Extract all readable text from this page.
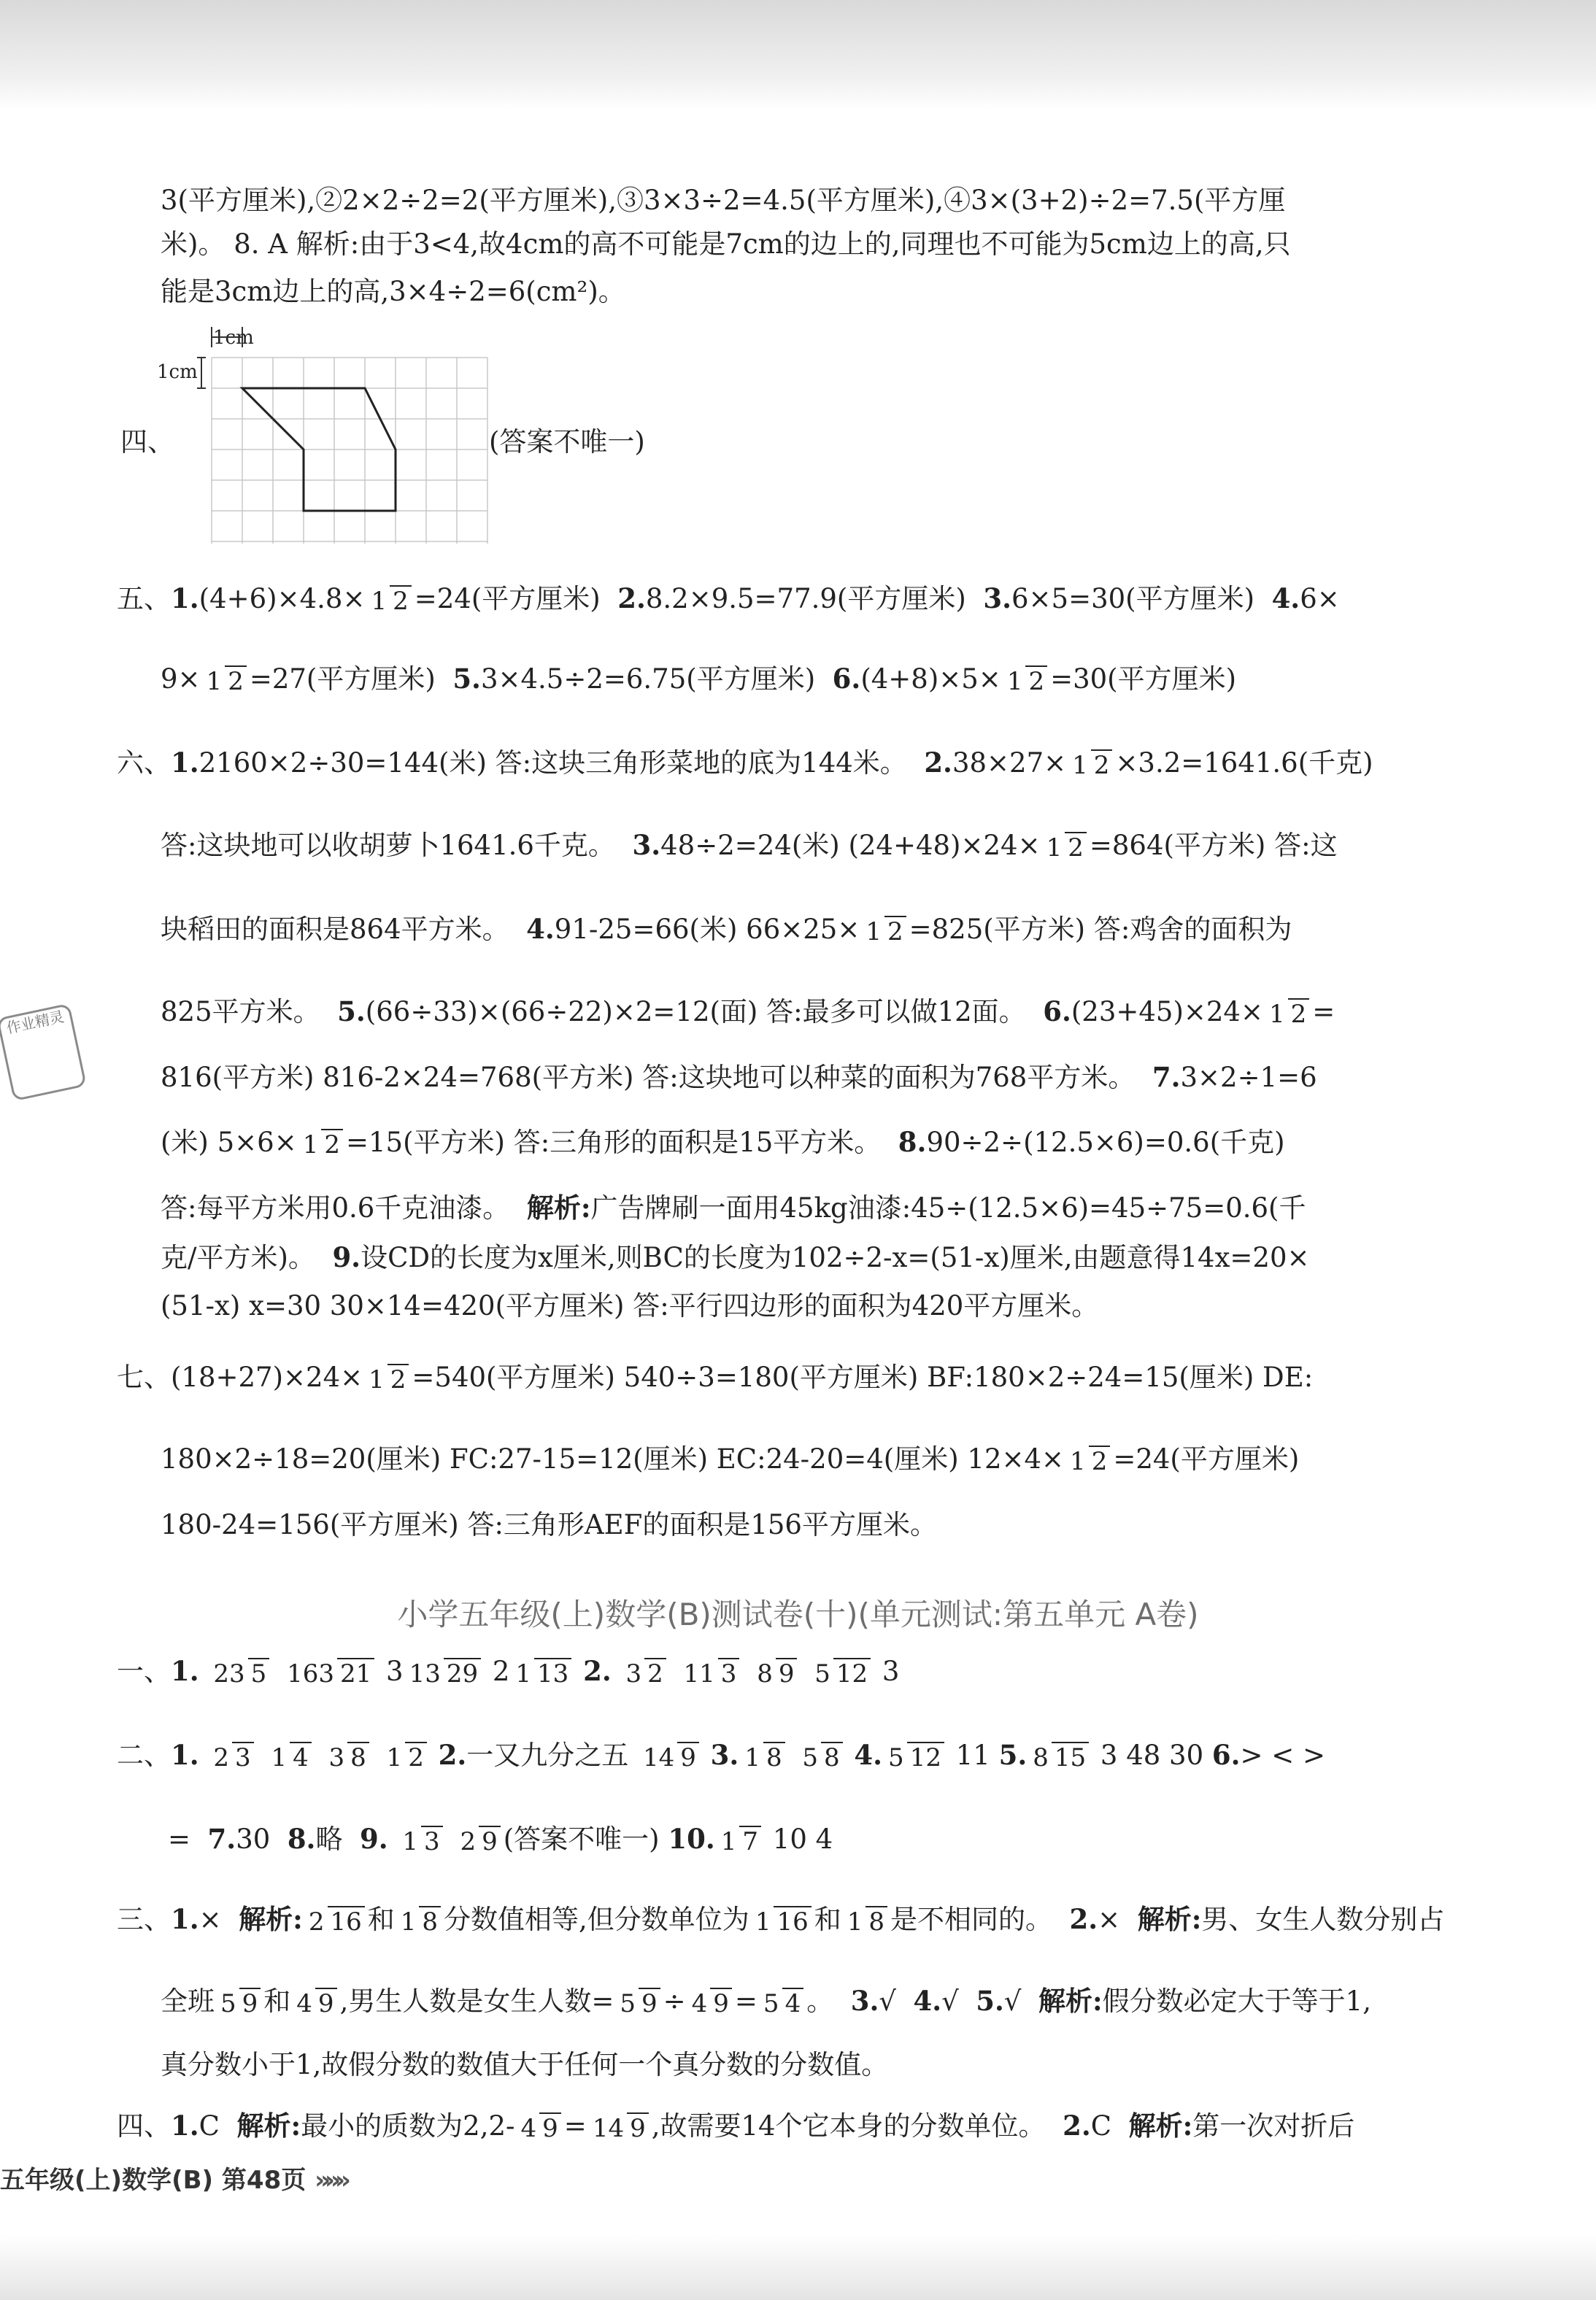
3(平方厘米),②2×2÷2=2(平方厘米),③3×3÷2=4.5(平方厘米),④3×(3+2)÷2=7.5(平方厘
米)。 8. A 解析:由于3<4,故4cm的高不可能是7cm的边上的,同理也不可能为5cm边上的高,只
能是3cm边上的高,3×4÷2=6(cm²)。
四、	(答案不唯一)
1cm
1cm
五、1.(4+6)×4.8× 1 2 =24(平方厘米) 2.8.2×9.5=77.9(平方厘米) 3.6×5=30(平方厘米) 4.6×
9× 1 2 =27(平方厘米) 5.3×4.5÷2=6.75(平方厘米) 6.(4+8)×5× 1 2 =30(平方厘米)
六、1.2160×2÷30=144(米) 答:这块三角形菜地的底为144米。 2.38×27× 1 2 ×3.2=1641.6(千克)
答:这块地可以收胡萝卜1641.6千克。 3.48÷2=24(米) (24+48)×24× 1 2 =864(平方米) 答:这
块稻田的面积是864平方米。 4.91-25=66(米) 66×25× 1 2 =825(平方米) 答:鸡舍的面积为
825平方米。 5.(66÷33)×(66÷22)×2=12(面) 答:最多可以做12面。 6.(23+45)×24× 1 2 =
816(平方米) 816-2×24=768(平方米) 答:这块地可以种菜的面积为768平方米。 7.3×2÷1=6
(米) 5×6× 1 2 =15(平方米) 答:三角形的面积是15平方米。 8.90÷2÷(12.5×6)=0.6(千克)
答:每平方米用0.6千克油漆。 解析:广告牌刷一面用45kg油漆:45÷(12.5×6)=45÷75=0.6(千
克/平方米)。 9.设CD的长度为x厘米,则BC的长度为102÷2-x=(51-x)厘米,由题意得14x=20×
(51-x) x=30 30×14=420(平方厘米) 答:平行四边形的面积为420平方厘米。
七、(18+27)×24× 1 2 =540(平方厘米) 540÷3=180(平方厘米) BF:180×2÷24=15(厘米) DE:
180×2÷18=20(厘米) FC:27-15=12(厘米) EC:24-20=4(厘米) 12×4× 1 2 =24(平方厘米)
180-24=156(平方厘米) 答:三角形AEF的面积是156平方厘米。
小学五年级(上)数学(B)测试卷(十)(单元测试:第五单元 A卷)
一、1. 23 5 163 21 3 13 29 2 1 13 2. 3 2 11 3 8 9 5 12 3
二、1. 2 3 1 4 3 8 1 2 2.一又九分之五 14 9 3. 1 8 5 8 4. 5 12 11 5. 8 15 3 48 30 6.> < >
= 7.30 8.略 9. 1 3 2 9 (答案不唯一) 10. 1 7 10 4
三、1.× 解析: 2 16 和 1 8 分数值相等,但分数单位为 1 16 和 1 8 是不相同的。 2.× 解析:男、女生人数分别占
全班 5 9 和 4 9 ,男生人数是女生人数= 5 9 ÷ 4 9 = 5 4 。 3.√ 4.√ 5.√ 解析:假分数必定大于等于1,
真分数小于1,故假分数的数值大于任何一个真分数的分数值。
四、1.C 解析:最小的质数为2,2- 4 9 = 14 9 ,故需要14个它本身的分数单位。 2.C 解析:第一次对折后
作业精灵
五年级(上)数学(B) 第48页 »»»
